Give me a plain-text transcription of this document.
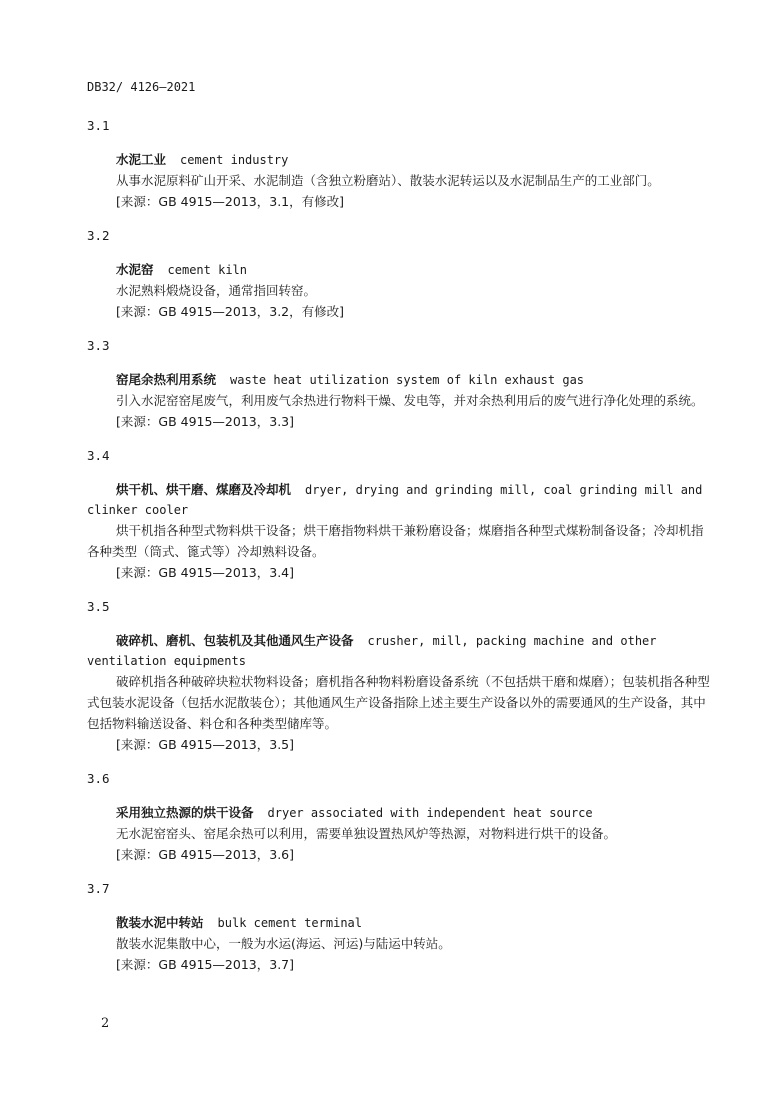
DB32/ 4126—2021
3.1
水泥工业 cement industry
从事水泥原料矿山开采、水泥制造（含独立粉磨站）、散装水泥转运以及水泥制品生产的工业部门。
[来源：GB 4915—2013，3.1，有修改]
3.2
水泥窑 cement kiln
水泥熟料煅烧设备，通常指回转窑。
[来源：GB 4915—2013，3.2，有修改]
3.3
窑尾余热利用系统 waste heat utilization system of kiln exhaust gas
引入水泥窑窑尾废气，利用废气余热进行物料干燥、发电等，并对余热利用后的废气进行净化处理的系统。
[来源：GB 4915—2013，3.3]
3.4
烘干机、烘干磨、煤磨及冷却机 dryer, drying and grinding mill, coal grinding mill and clinker cooler
烘干机指各种型式物料烘干设备；烘干磨指物料烘干兼粉磨设备；煤磨指各种型式煤粉制备设备；冷却机指各种类型（筒式、篦式等）冷却熟料设备。
[来源：GB 4915—2013，3.4]
3.5
破碎机、磨机、包装机及其他通风生产设备 crusher, mill, packing machine and other ventilation equipments
破碎机指各种破碎块粒状物料设备；磨机指各种物料粉磨设备系统（不包括烘干磨和煤磨）；包装机指各种型式包装水泥设备（包括水泥散装仓）；其他通风生产设备指除上述主要生产设备以外的需要通风的生产设备，其中包括物料输送设备、料仓和各种类型储库等。
[来源：GB 4915—2013，3.5]
3.6
采用独立热源的烘干设备 dryer associated with independent heat source
无水泥窑窑头、窑尾余热可以利用，需要单独设置热风炉等热源，对物料进行烘干的设备。
[来源：GB 4915—2013，3.6]
3.7
散装水泥中转站 bulk cement terminal
散装水泥集散中心，一般为水运(海运、河运)与陆运中转站。
[来源：GB 4915—2013，3.7]
2
